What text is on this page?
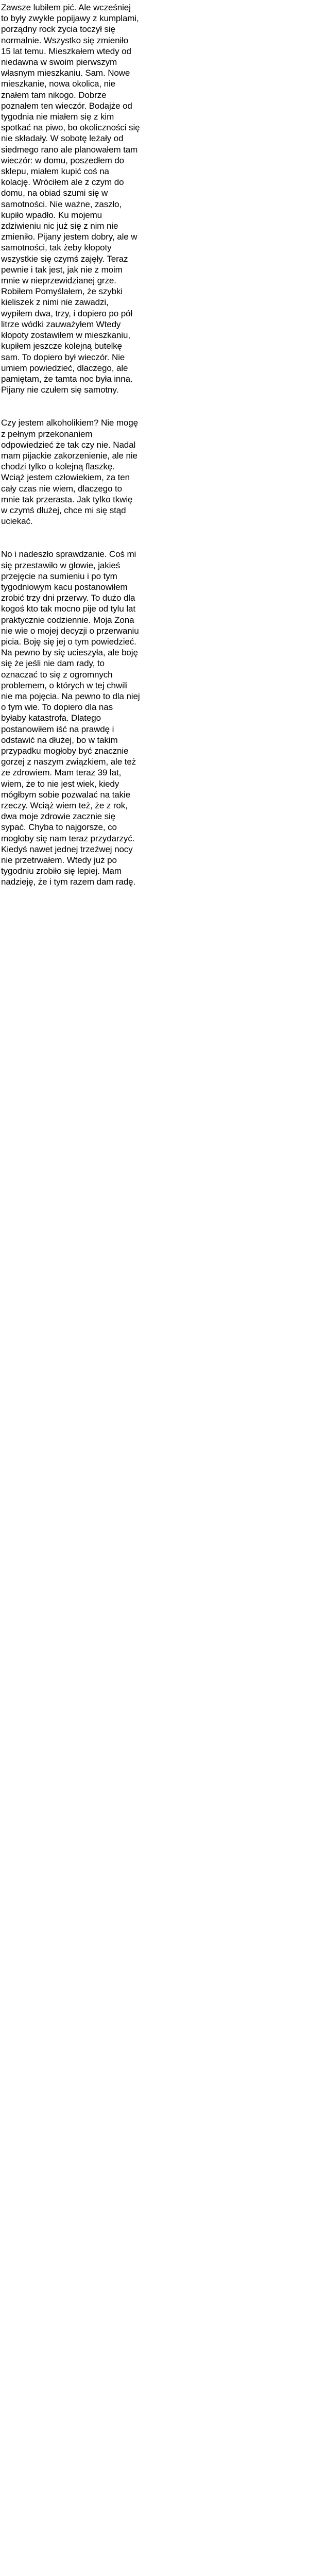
Zawsze lubiłem pić. Ale wcześniej to były zwykłe popijawy z kumplami, porządny rock życia toczył się normalnie. Wszystko się zmieniło 15 lat temu. Mieszkałem wtedy od niedawna w swoim pierwszym własnym mieszkaniu. Sam. Nowe mieszkanie, nowa okolica, nie znałem tam nikogo. Dobrze poznałem ten wieczór. Bodajże od tygodnia nie miałem się z kim spotkać na piwo, bo okoliczności się nie składały. W sobotę leżały od siedmego rano ale planowałem tam wieczór: w domu, poszedłem do sklepu, miałem kupić coś na kolację. Wróciłem ale z czym do domu, na obiad szumi się w samotności. Nie ważne, zaszło, kupiło wpadło. Ku mojemu zdziwieniu nic już się z nim nie zmieniło. Pijany jestem dobry, ale w samotności, tak żeby kłopoty wszystkie się czymś zajęły. Teraz pewnie i tak jest, jak nie z moim mnie w nieprzewidzianej grze. Robiłem Pomyślałem, że szybki kieliszek z nimi nie zawadzi, wypiłem dwa, trzy, i dopiero po pół litrze wódki zauważyłem Wtedy kłopoty zostawiłem w mieszkaniu, kupiłem jeszcze kolejną butelkę sam. To dopiero był wieczór. Nie umiem powiedzieć, dlaczego, ale pamiętam, że tamta noc była inna. Pijany nie czułem się samotny.

Czy jestem alkoholikiem? Nie mogę z pełnym przekonaniem odpowiedzieć że tak czy nie. Nadal mam pijackie zakorzenienie, ale nie chodzi tylko o kolejną flaszkę. Wciąż jestem człowiekiem, za ten cały czas nie wiem, dlaczego to mnie tak przerasta. Jak tylko tkwię w czymś dłużej, chce mi się stąd uciekać.

No i nadeszło sprawdzanie. Coś mi się przestawiło w głowie, jakieś przejęcie na sumieniu i po tym tygodniowym kacu postanowiłem zrobić trzy dni przerwy. To dużo dla kogoś kto tak mocno pije od tylu lat praktycznie codziennie. Moja Zona nie wie o mojej decyzji o przerwaniu picia. Boję się jej o tym powiedzieć. Na pewno by się ucieszyła, ale boję się że jeśli nie dam rady, to oznaczać to się z ogromnych problemem, o których w tej chwili nie ma pojęcia. Na pewno to dla niej o tym wie. To dopiero dla nas byłaby katastrofa. Dlatego postanowiłem iść na prawdę i odstawić na dłużej, bo w takim przypadku mogłoby być znacznie gorzej z naszym związkiem, ale też ze zdrowiem. Mam teraz 39 lat, wiem, że to nie jest wiek, kiedy mógłbym sobie pozwalać na takie rzeczy. Wciąż wiem też, że z rok, dwa moje zdrowie zacznie się sypać. Chyba to najgorsze, co mogłoby się nam teraz przydarzyć. Kiedyś nawet jednej trzeźwej nocy nie przetrwałem. Wtedy już po tygodniu zrobiło się lepiej. Mam nadzieję, że i tym razem dam radę.
